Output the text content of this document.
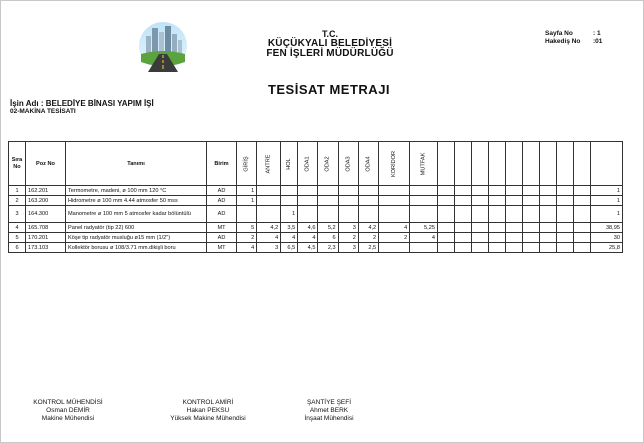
T.C.
KÜÇÜKYALI BELEDİYESİ
FEN İŞLERİ MÜDÜRLÜĞÜ
Sayfa No	: 1
Hakediş No	:01
TESİSAT METRAJI
İşin Adı : BELEDİYE BİNASI YAPIM İŞİ
02-MAKİNA TESİSATI
Sıra No	Poz No	Tanımı	Birim	GİRİŞ	ANTRE	HOL	ODA1	ODA2	ODA3	ODA4	KORİDOR	MUTFAK										
1	162.201	Termometre, madeni, ø 100 mm 120 °C	AD	1																		1
2	163.200	Hidrometre ø 100 mm 4.44 atmosfer 50 mss	AD	1																		1
3	164.300	Manometre ø 100 mm 5 atmosfer kadar bölüntülü	AD			1																1
4	165.708	Panel radyatör (tip 22) 600	MT	5	4,2	3,5	4,6	5,2	3	4,2	4	5,25										38,95
5	170.201	Köşe tip radyatör musluğu ø15 mm (1/2")	AD	2	4	4	4	6	2	2	2	4										30
6	173.103	Kollektör borusu ø 108/3.71 mm.dikişli boru	MT	4	3	6,5	4,5	2,3	3	2,5												25,8
KONTROL MÜHENDİSİ
Osman DEMİR
Makine Mühendisi
KONTROL AMİRİ
Hakan PEKSU
Yüksek Makine Mühendisi
ŞANTİYE ŞEFİ
Ahmet BERK
İnşaat Mühendisi
